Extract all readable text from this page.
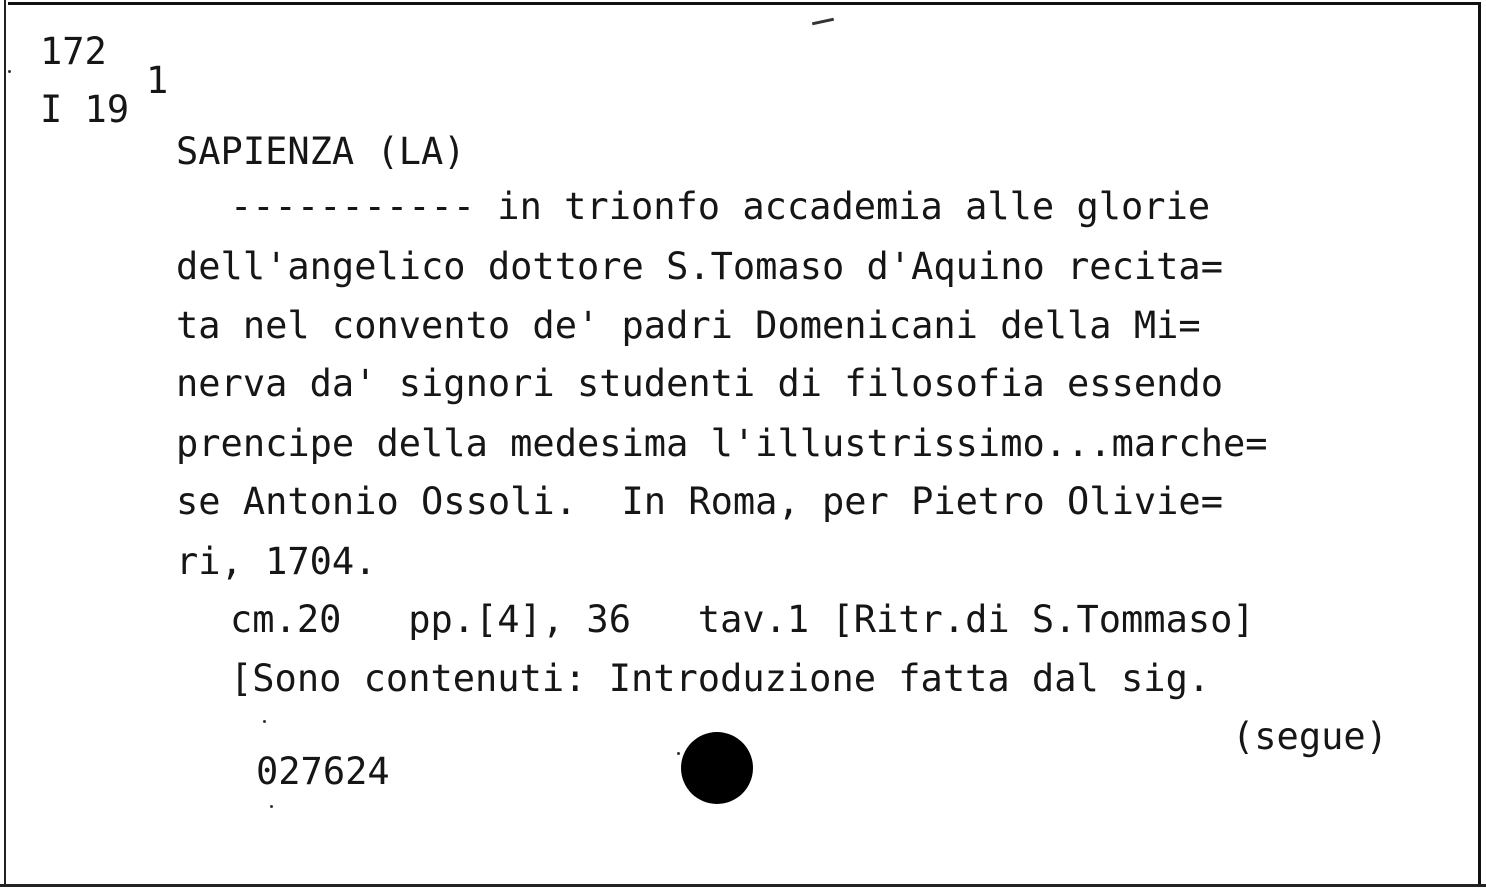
172
I 19
1
SAPIENZA (LA)
----------- in trionfo accademia alle glorie
dell'angelico dottore S.Tomaso d'Aquino recita=
ta nel convento de' padri Domenicani della Mi=
nerva da' signori studenti di filosofia essendo
prencipe della medesima l'illustrissimo...marche=
se Antonio Ossoli.  In Roma, per Pietro Olivie=
ri, 1704.
cm.20   pp.[4], 36   tav.1 [Ritr.di S.Tommaso]
[Sono contenuti: Introduzione fatta dal sig.
(segue)
027624
